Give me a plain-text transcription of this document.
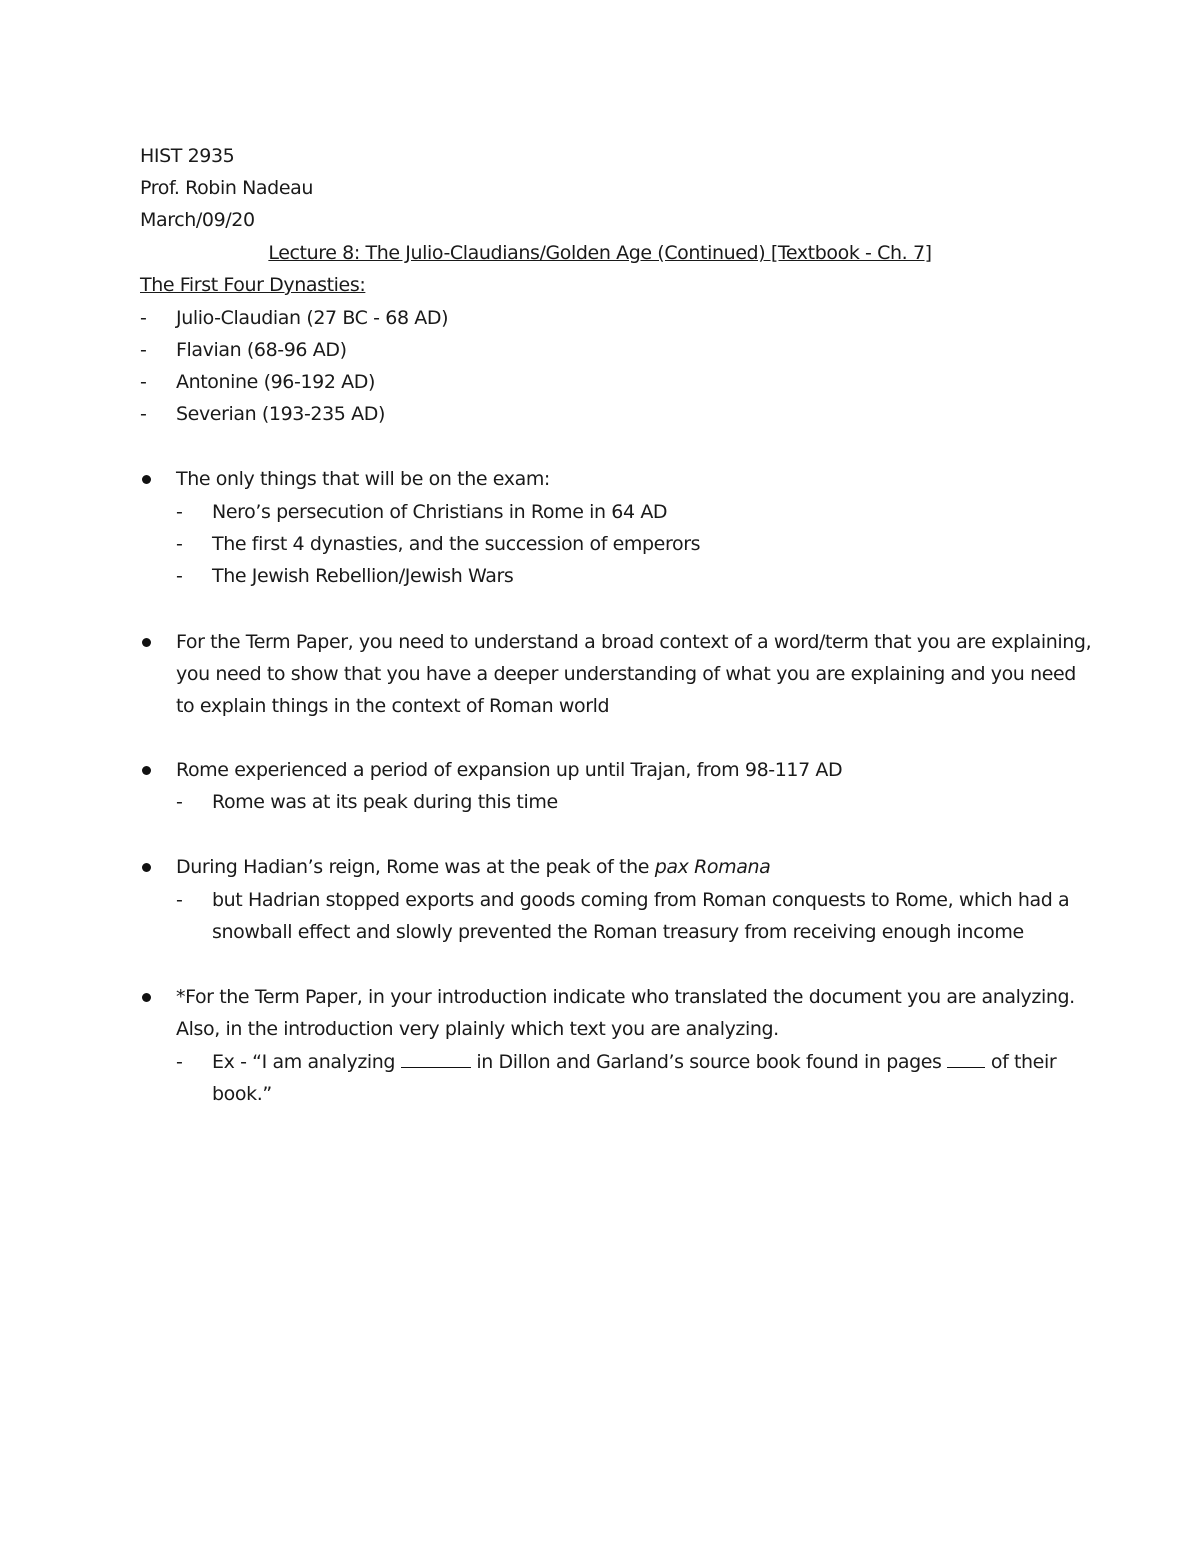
HIST 2935
Prof. Robin Nadeau
March/09/20
Lecture 8: The Julio-Claudians/Golden Age (Continued) [Textbook - Ch. 7]
The First Four Dynasties:
- Julio-Claudian (27 BC - 68 AD)
- Flavian (68-96 AD)
- Antonine (96-192 AD)
- Severian (193-235 AD)
The only things that will be on the exam:
- Nero’s persecution of Christians in Rome in 64 AD
- The first 4 dynasties, and the succession of emperors
- The Jewish Rebellion/Jewish Wars
For the Term Paper, you need to understand a broad context of a word/term that you are explaining,
you need to show that you have a deeper understanding of what you are explaining and you need
to explain things in the context of Roman world
Rome experienced a period of expansion up until Trajan, from 98-117 AD
- Rome was at its peak during this time
During Hadian’s reign, Rome was at the peak of the pax Romana
- but Hadrian stopped exports and goods coming from Roman conquests to Rome, which had a
snowball effect and slowly prevented the Roman treasury from receiving enough income
*For the Term Paper, in your introduction indicate who translated the document you are analyzing.
Also, in the introduction very plainly which text you are analyzing.
- Ex - “I am analyzing	in Dillon and Garland’s source book found in pages  of their
book.”
